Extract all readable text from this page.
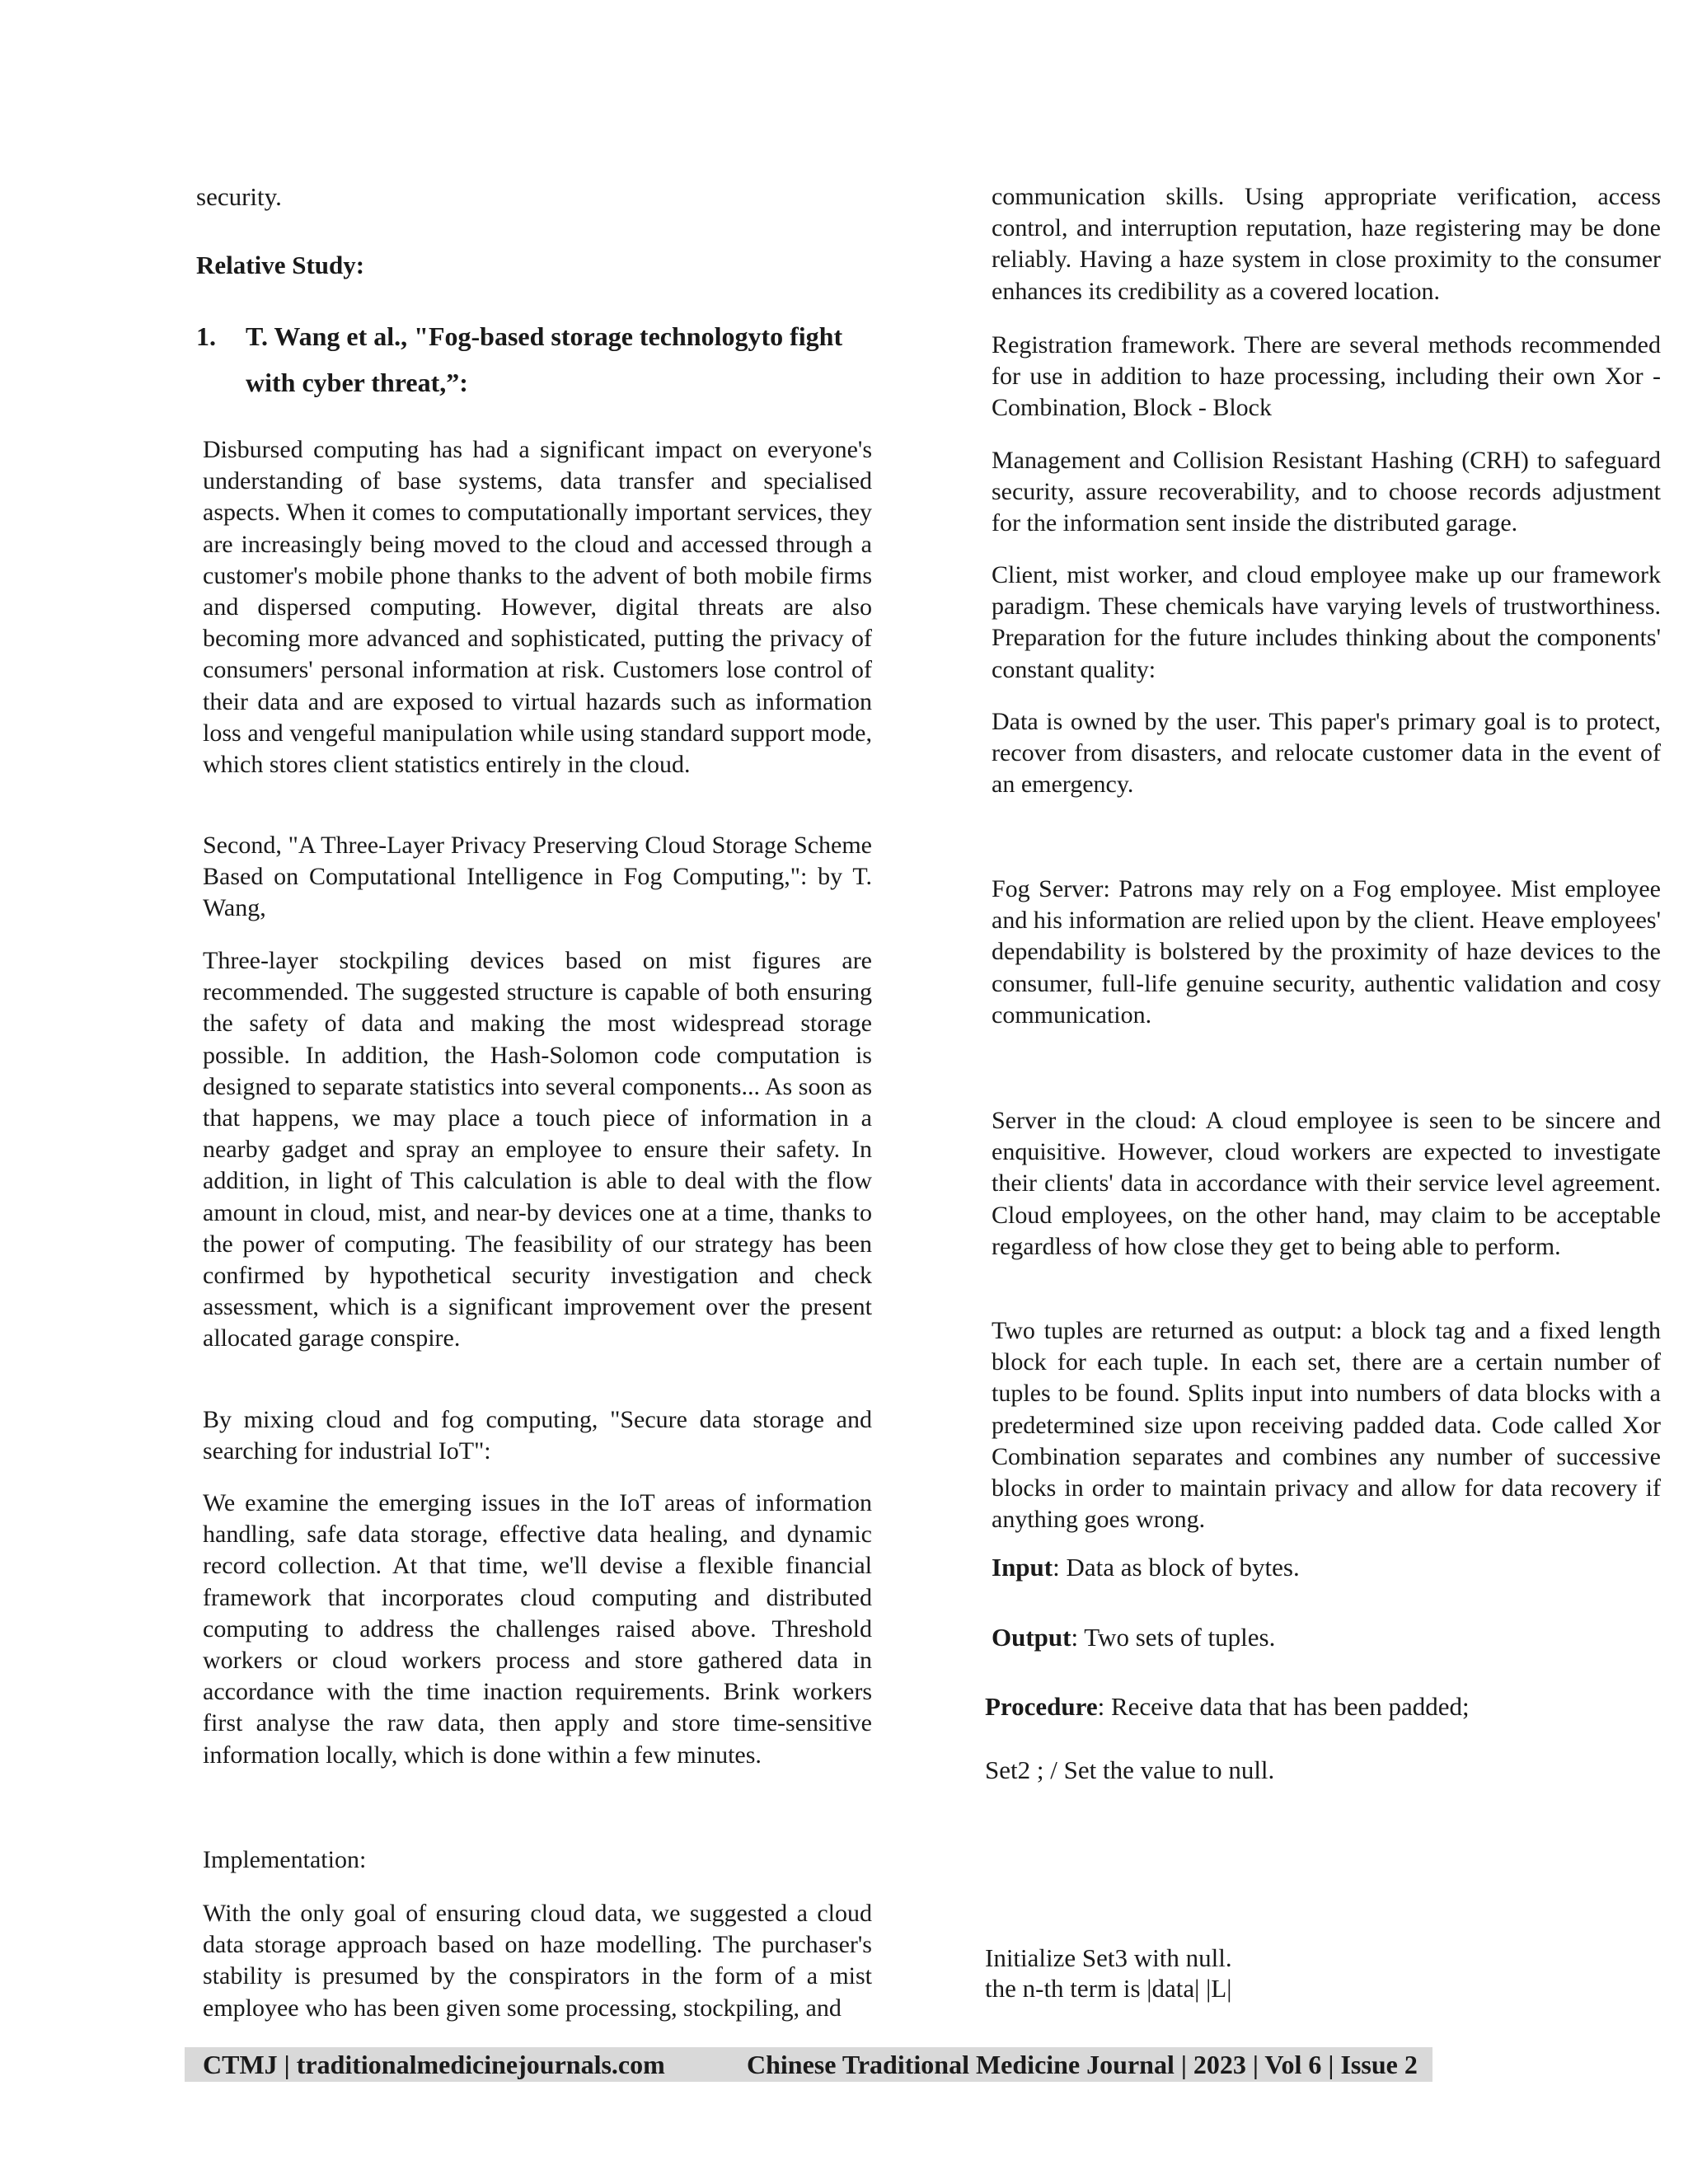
security.

Relative Study:

1.	T. Wang et al., "Fog-based storage technologyto fight with cyber threat,”:

Disbursed computing has had a significant impact on everyone's understanding of base systems, data transfer and specialised aspects. When it comes to computationally important services, they are increasingly being moved to the cloud and accessed through a customer's mobile phone thanks to the advent of both mobile firms and dispersed computing. However, digital threats are also becoming more advanced and sophisticated, putting the privacy of consumers' personal information at risk. Customers lose control of their data and are exposed to virtual hazards such as information loss and vengeful manipulation while using standard support mode, which stores client statistics entirely in the cloud.

Second, "A Three-Layer Privacy Preserving Cloud Storage Scheme Based on Computational Intelligence in Fog Computing,": by T. Wang,

Three-layer stockpiling devices based on mist figures are recommended. The suggested structure is capable of both ensuring the safety of data and making the most widespread storage possible. In addition, the Hash-Solomon code computation is designed to separate statistics into several components... As soon as that happens, we may place a touch piece of information in a nearby gadget and spray an employee to ensure their safety. In addition, in light of This calculation is able to deal with the flow amount in cloud, mist, and near-by devices one at a time, thanks to the power of computing. The feasibility of our strategy has been confirmed by hypothetical security investigation and check assessment, which is a significant improvement over the present allocated garage conspire.

By mixing cloud and fog computing, "Secure data storage and searching for industrial IoT":

We examine the emerging issues in the IoT areas of information handling, safe data storage, effective data healing, and dynamic record collection. At that time, we'll devise a flexible financial framework that incorporates cloud computing and distributed computing to address the challenges raised above. Threshold workers or cloud workers process and store gathered data in accordance with the time inaction requirements. Brink workers first analyse the raw data, then apply and store time-sensitive information locally, which is done within a few minutes.

Implementation:

With the only goal of ensuring cloud data, we suggested a cloud data storage approach based on haze modelling. The purchaser's stability is presumed by the conspirators in the form of a mist employee who has been given some processing, stockpiling, and

communication skills. Using appropriate verification, access control, and interruption reputation, haze registering may be done reliably. Having a haze system in close proximity to the consumer enhances its credibility as a covered location.

Registration framework. There are several methods recommended for use in addition to haze processing, including their own Xor - Combination, Block - Block

Management and Collision Resistant Hashing (CRH) to safeguard security, assure recoverability, and to choose records adjustment for the information sent inside the distributed garage.

Client, mist worker, and cloud employee make up our framework paradigm. These chemicals have varying levels of trustworthiness. Preparation for the future includes thinking about the components' constant quality:

Data is owned by the user. This paper's primary goal is to protect, recover from disasters, and relocate customer data in the event of an emergency.

Fog Server: Patrons may rely on a Fog employee. Mist employee and his information are relied upon by the client. Heave employees' dependability is bolstered by the proximity of haze devices to the consumer, full-life genuine security, authentic validation and cosy communication.

Server in the cloud: A cloud employee is seen to be sincere and enquisitive. However, cloud workers are expected to investigate their clients' data in accordance with their service level agreement. Cloud employees, on the other hand, may claim to be acceptable regardless of how close they get to being able to perform.

Two tuples are returned as output: a block tag and a fixed length block for each tuple. In each set, there are a certain number of tuples to be found. Splits input into numbers of data blocks with a predetermined size upon receiving padded data. Code called Xor Combination separates and combines any number of successive blocks in order to maintain privacy and allow for data recovery if anything goes wrong.

Input: Data as block of bytes.

Output: Two sets of tuples.

Procedure: Receive data that has been padded;

Set2 ; / Set the value to null.

Initialize Set3 with null.

the n-th term is |data| |L|

CTMJ | traditionalmedicinejournals.com	Chinese Traditional Medicine Journal | 2023 | Vol 6 | Issue 2
